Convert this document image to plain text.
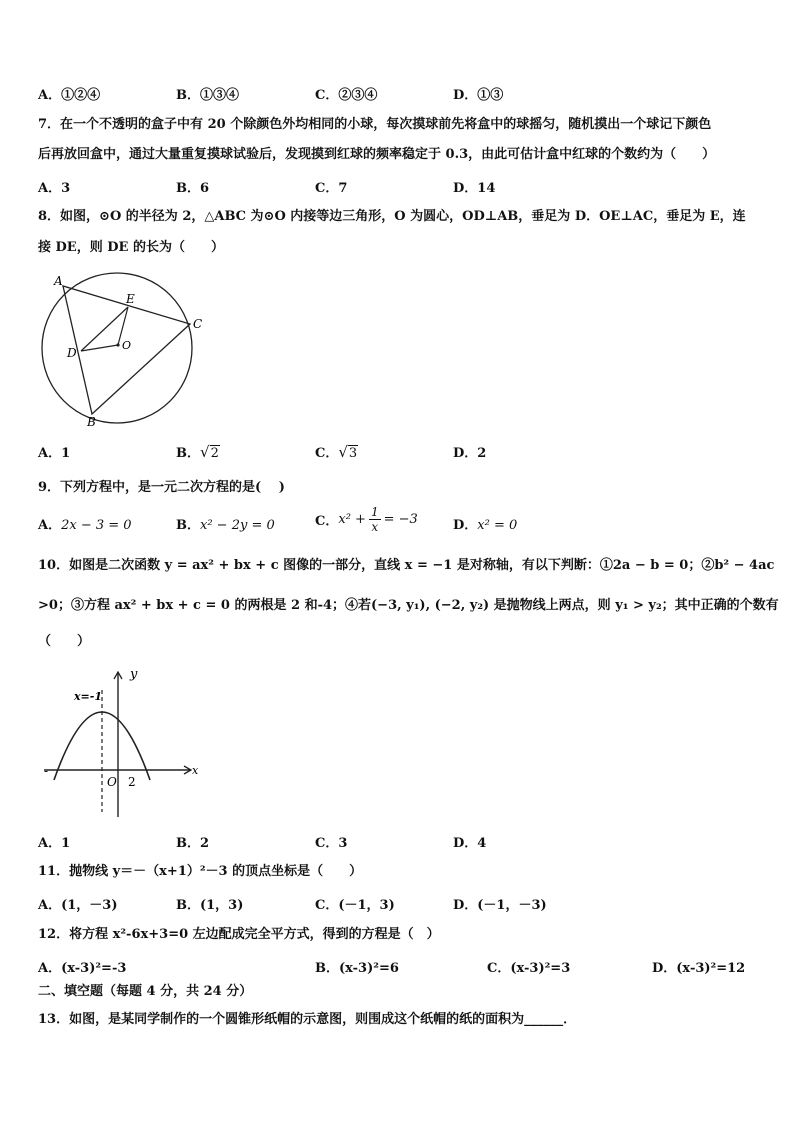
A．①②④	B．①③④	C．②③④	D．①③
7．在一个不透明的盒子中有 20 个除颜色外均相同的小球，每次摸球前先将盒中的球摇匀，随机摸出一个球记下颜色
后再放回盒中，通过大量重复摸球试验后，发现摸到红球的频率稳定于 0.3，由此可估计盒中红球的个数约为（　　）
A．3	B．6	C．7	D．14
8．如图，⊙O 的半径为 2，△ABC 为⊙O 内接等边三角形，O 为圆心，OD⊥AB，垂足为 D．OE⊥AC，垂足为 E，连
接 DE，则 DE 的长为（　　）
A
B
C
D
E
O
A．1	B．√2	C．√3	D．2
9．下列方程中，是一元二次方程的是(　 )
A．2x − 3 = 0	B．x² − 2y = 0	C． $x^2 + \frac{1}{x} = -3$	D．x² = 0
10．如图是二次函数 y = ax² + bx + c 图像的一部分，直线 x = −1 是对称轴，有以下判断：①2a − b = 0；②b² − 4ac
>0；③方程 ax² + bx + c = 0 的两根是 2 和-4；④若(−3, y₁), (−2, y₂) 是抛物线上两点，则 y₁ > y₂；其中正确的个数有
（　　）
y
x
x=-1
O 2
-
A．1	B．2	C．3	D．4
11．抛物线 y＝－（x+1）²－3 的顶点坐标是（　　）
A．(1，－3)	B．(1，3)	C．(－1，3)	D．(－1，－3)
12．将方程 x²-6x+3=0 左边配成完全平方式，得到的方程是（　）
A．(x-3)²=-3	B．(x-3)²=6	C．(x-3)²=3	D．(x-3)²=12
二、填空题（每题 4 分，共 24 分）
13．如图，是某同学制作的一个圆锥形纸帽的示意图，则围成这个纸帽的纸的面积为______．
